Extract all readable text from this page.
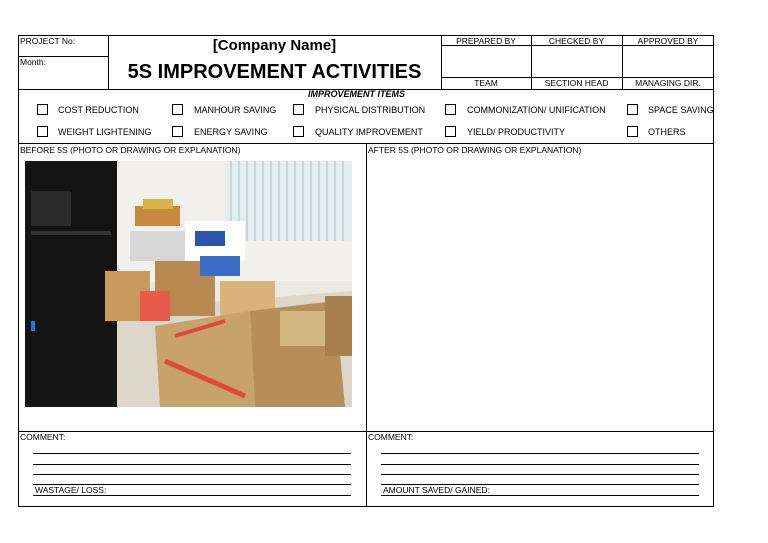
PROJECT No:
Month:
[Company Name]
5S IMPROVEMENT ACTIVITIES
PREPARED BY	CHECKED BY	APPROVED BY
TEAM	SECTION HEAD	MANAGING DIR.
IMPROVEMENT ITEMS
COST REDUCTION	MANHOUR SAVING	PHYSICAL DISTRIBUTION	COMMONIZATION/ UNIFICATION	SPACE SAVING
WEIGHT LIGHTENING	ENERGY SAVING	QUALITY IMPROVEMENT	YIELD/ PRODUCTIVITY	OTHERS
BEFORE 5S (PHOTO OR DRAWING OR EXPLANATION)	AFTER 5S (PHOTO OR DRAWING OR EXPLANATION)
COMMENT:	COMMENT:
WASTAGE/ LOSS:	AMOUNT SAVED/ GAINED:
